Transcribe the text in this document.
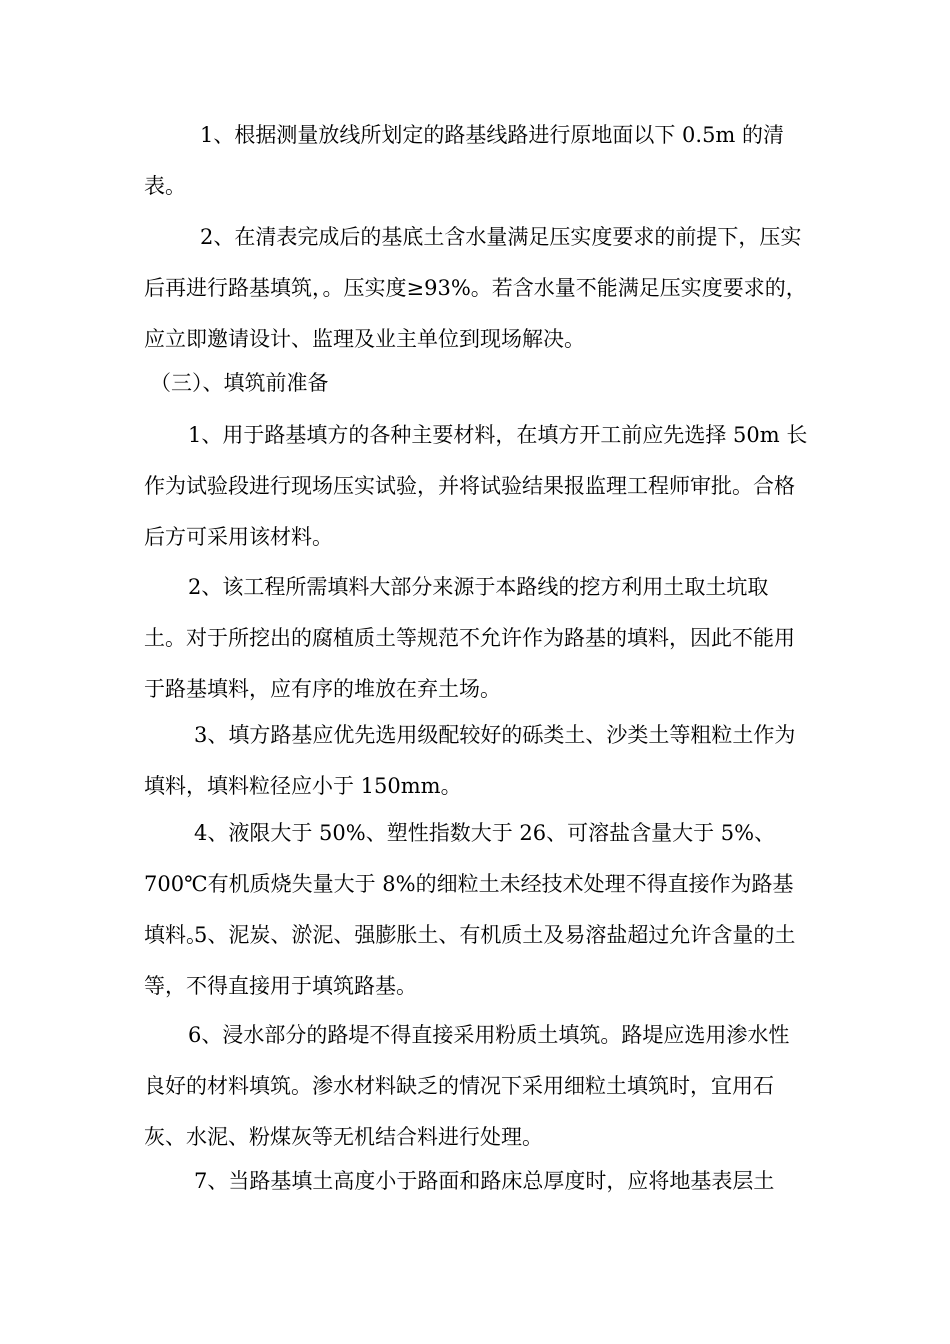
1、根据测量放线所划定的路基线路进行原地面以下 0.5m 的清表。

2、在清表完成后的基底土含水量满足压实度要求的前提下，压实后再进行路基填筑，。压实度≥93%。若含水量不能满足压实度要求的，应立即邀请设计、监理及业主单位到现场解决。

（三）、填筑前准备

1、用于路基填方的各种主要材料，在填方开工前应先选择 50m 长作为试验段进行现场压实试验，并将试验结果报监理工程师审批。合格后方可采用该材料。

2、该工程所需填料大部分来源于本路线的挖方利用土取土坑取土。对于所挖出的腐植质土等规范不允许作为路基的填料，因此不能用于路基填料，应有序的堆放在弃土场。

3、填方路基应优先选用级配较好的砾类土、沙类土等粗粒土作为填料，填料粒径应小于 150mm。

4、液限大于 50%、塑性指数大于 26、可溶盐含量大于 5%、700℃有机质烧失量大于 8%的细粒土未经技术处理不得直接作为路基填料。

5、泥炭、淤泥、强膨胀土、有机质土及易溶盐超过允许含量的土等，不得直接用于填筑路基。

6、浸水部分的路堤不得直接采用粉质土填筑。路堤应选用渗水性良好的材料填筑。渗水材料缺乏的情况下采用细粒土填筑时，宜用石灰、水泥、粉煤灰等无机结合料进行处理。

7、当路基填土高度小于路面和路床总厚度时，应将地基表层土
